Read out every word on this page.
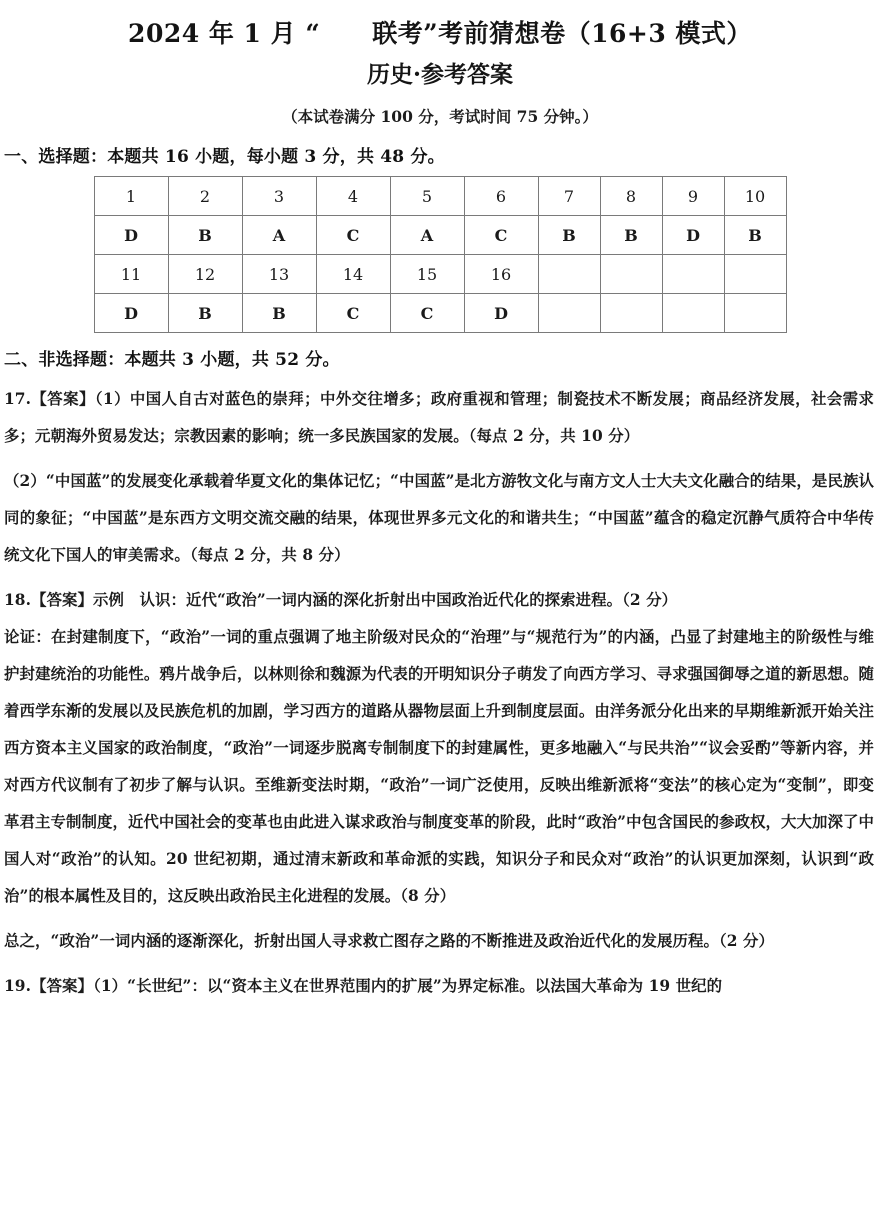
2024 年 1 月 “ 联考”考前猜想卷（16+3 模式）
历史·参考答案
（本试卷满分 100 分，考试时间 75 分钟。）
一、选择题：本题共 16 小题，每小题 3 分，共 48 分。
1	2	3	4	5	6	7	8	9	10
D	B	A	C	A	C	B	B	D	B
11	12	13	14	15	16				
D	B	B	C	C	D				
二、非选择题：本题共 3 小题，共 52 分。

17.【答案】（1）中国人自古对蓝色的崇拜；中外交往增多；政府重视和管理；制瓷技术不断发展；商品经济发展，社会需求多；元朝海外贸易发达；宗教因素的影响；统一多民族国家的发展。（每点 2 分，共 10 分）

（2）“中国蓝”的发展变化承载着华夏文化的集体记忆；“中国蓝”是北方游牧文化与南方文人士大夫文化融合的结果，是民族认同的象征；“中国蓝”是东西方文明交流交融的结果，体现世界多元文化的和谐共生；“中国蓝”蕴含的稳定沉静气质符合中华传统文化下国人的审美需求。（每点 2 分，共 8 分）

18.【答案】示例　认识：近代“政治”一词内涵的深化折射出中国政治近代化的探索进程。（2 分）

论证：在封建制度下，“政治”一词的重点强调了地主阶级对民众的“治理”与“规范行为”的内涵，凸显了封建地主的阶级性与维护封建统治的功能性。鸦片战争后，以林则徐和魏源为代表的开明知识分子萌发了向西方学习、寻求强国御辱之道的新思想。随着西学东渐的发展以及民族危机的加剧，学习西方的道路从器物层面上升到制度层面。由洋务派分化出来的早期维新派开始关注西方资本主义国家的政治制度，“政治”一词逐步脱离专制制度下的封建属性，更多地融入“与民共治”“议会妥酌”等新内容，并对西方代议制有了初步了解与认识。至维新变法时期，“政治”一词广泛使用，反映出维新派将“变法”的核心定为“变制”，即变革君主专制制度，近代中国社会的变革也由此进入谋求政治与制度变革的阶段，此时“政治”中包含国民的参政权，大大加深了中国人对“政治”的认知。20 世纪初期，通过清末新政和革命派的实践，知识分子和民众对“政治”的认识更加深刻，认识到“政治”的根本属性及目的，这反映出政治民主化进程的发展。（8 分）

总之，“政治”一词内涵的逐渐深化，折射出国人寻求救亡图存之路的不断推进及政治近代化的发展历程。（2 分）

19.【答案】（1）“长世纪”：以“资本主义在世界范围内的扩展”为界定标准。以法国大革命为 19 世纪的
